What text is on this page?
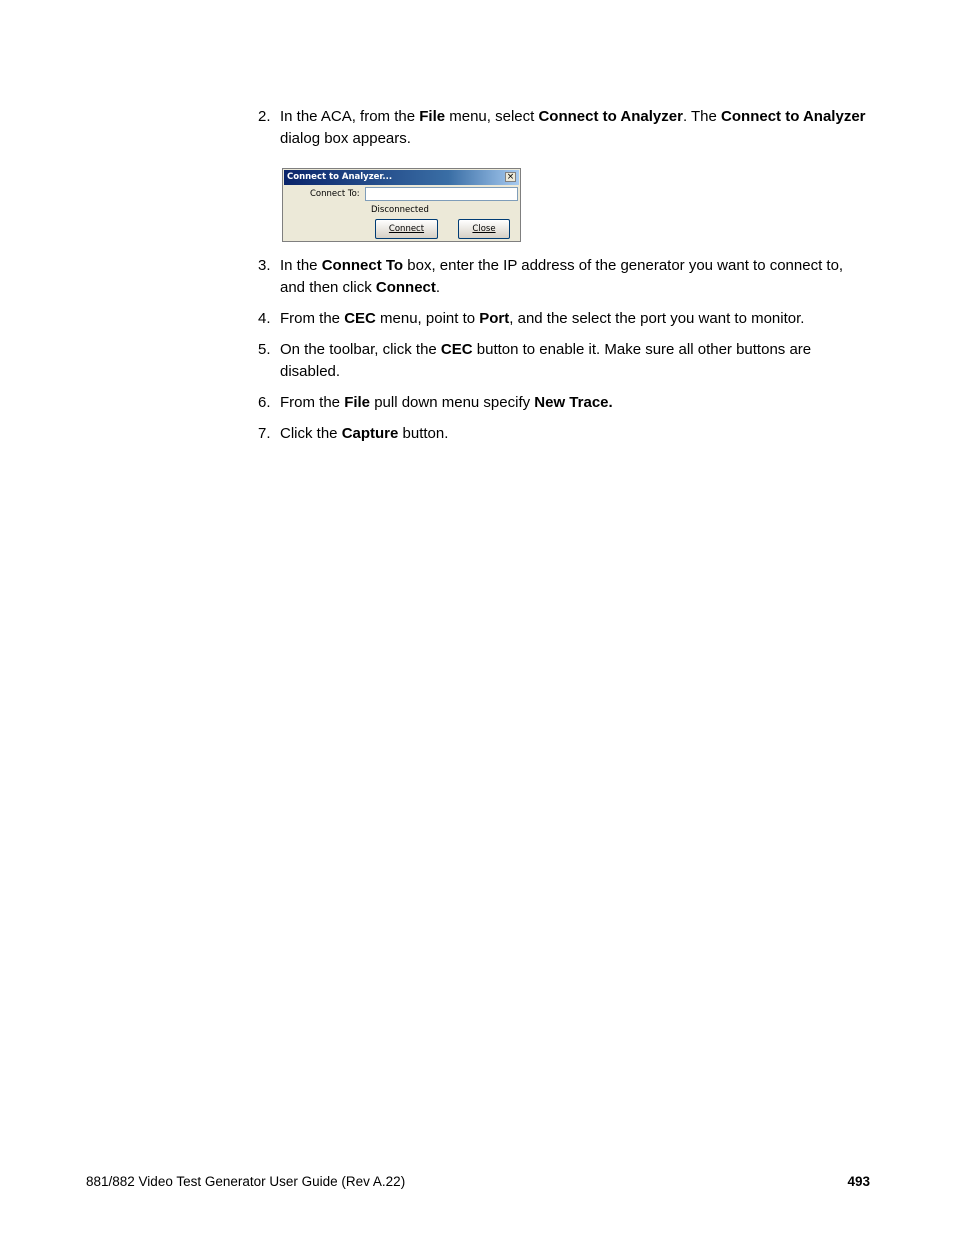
2. In the ACA, from the File menu, select Connect to Analyzer. The Connect to Analyzer dialog box appears.
Connect to Analyzer...	×
Connect To:
Disconnected
Connect	Close
3. In the Connect To box, enter the IP address of the generator you want to connect to, and then click Connect.
4. From the CEC menu, point to Port, and the select the port you want to monitor.
5. On the toolbar, click the CEC button to enable it. Make sure all other buttons are disabled.
6. From the File pull down menu specify New Trace.
7. Click the Capture button.
881/882 Video Test Generator User Guide (Rev A.22)	493
